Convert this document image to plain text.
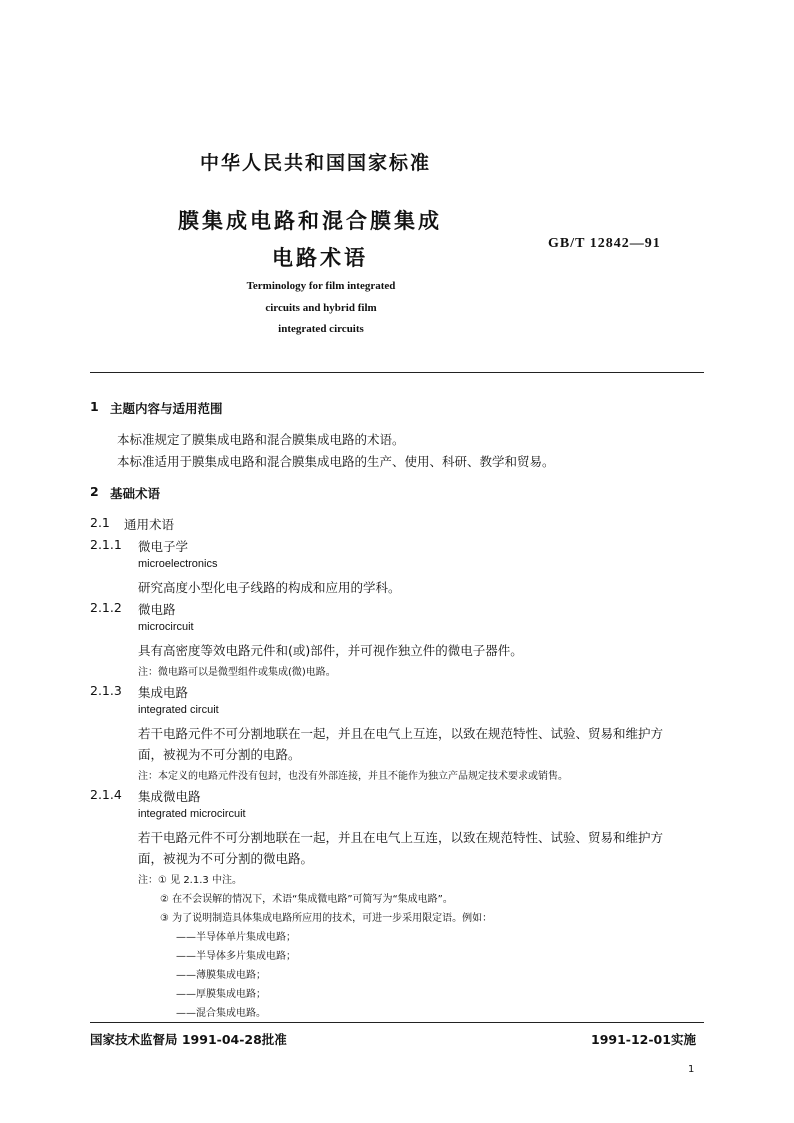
中华人民共和国国家标准
膜集成电路和混合膜集成
电路术语
GB/T 12842—91
Terminology for film integrated
circuits and hybrid film
integrated circuits
1 主题内容与适用范围
本标准规定了膜集成电路和混合膜集成电路的术语。
本标准适用于膜集成电路和混合膜集成电路的生产、使用、科研、教学和贸易。
2 基础术语
2.1 通用术语
2.1.1 微电子学
microelectronics
研究高度小型化电子线路的构成和应用的学科。
2.1.2 微电路
microcircuit
具有高密度等效电路元件和(或)部件，并可视作独立件的微电子器件。
注：微电路可以是微型组件或集成(微)电路。
2.1.3 集成电路
integrated circuit
若干电路元件不可分割地联在一起，并且在电气上互连，以致在规范特性、试验、贸易和维护方
面，被视为不可分割的电路。
注：本定义的电路元件没有包封，也没有外部连接，并且不能作为独立产品规定技术要求或销售。
2.1.4 集成微电路
integrated microcircuit
若干电路元件不可分割地联在一起，并且在电气上互连，以致在规范特性、试验、贸易和维护方
面，被视为不可分割的微电路。
注：① 见 2.1.3 中注。
② 在不会误解的情况下，术语“集成微电路”可简写为“集成电路”。
③ 为了说明制造具体集成电路所应用的技术，可进一步采用限定语。例如：
——半导体单片集成电路；
——半导体多片集成电路；
——薄膜集成电路；
——厚膜集成电路；
——混合集成电路。
国家技术监督局 1991-04-28批准	1991-12-01实施
1
